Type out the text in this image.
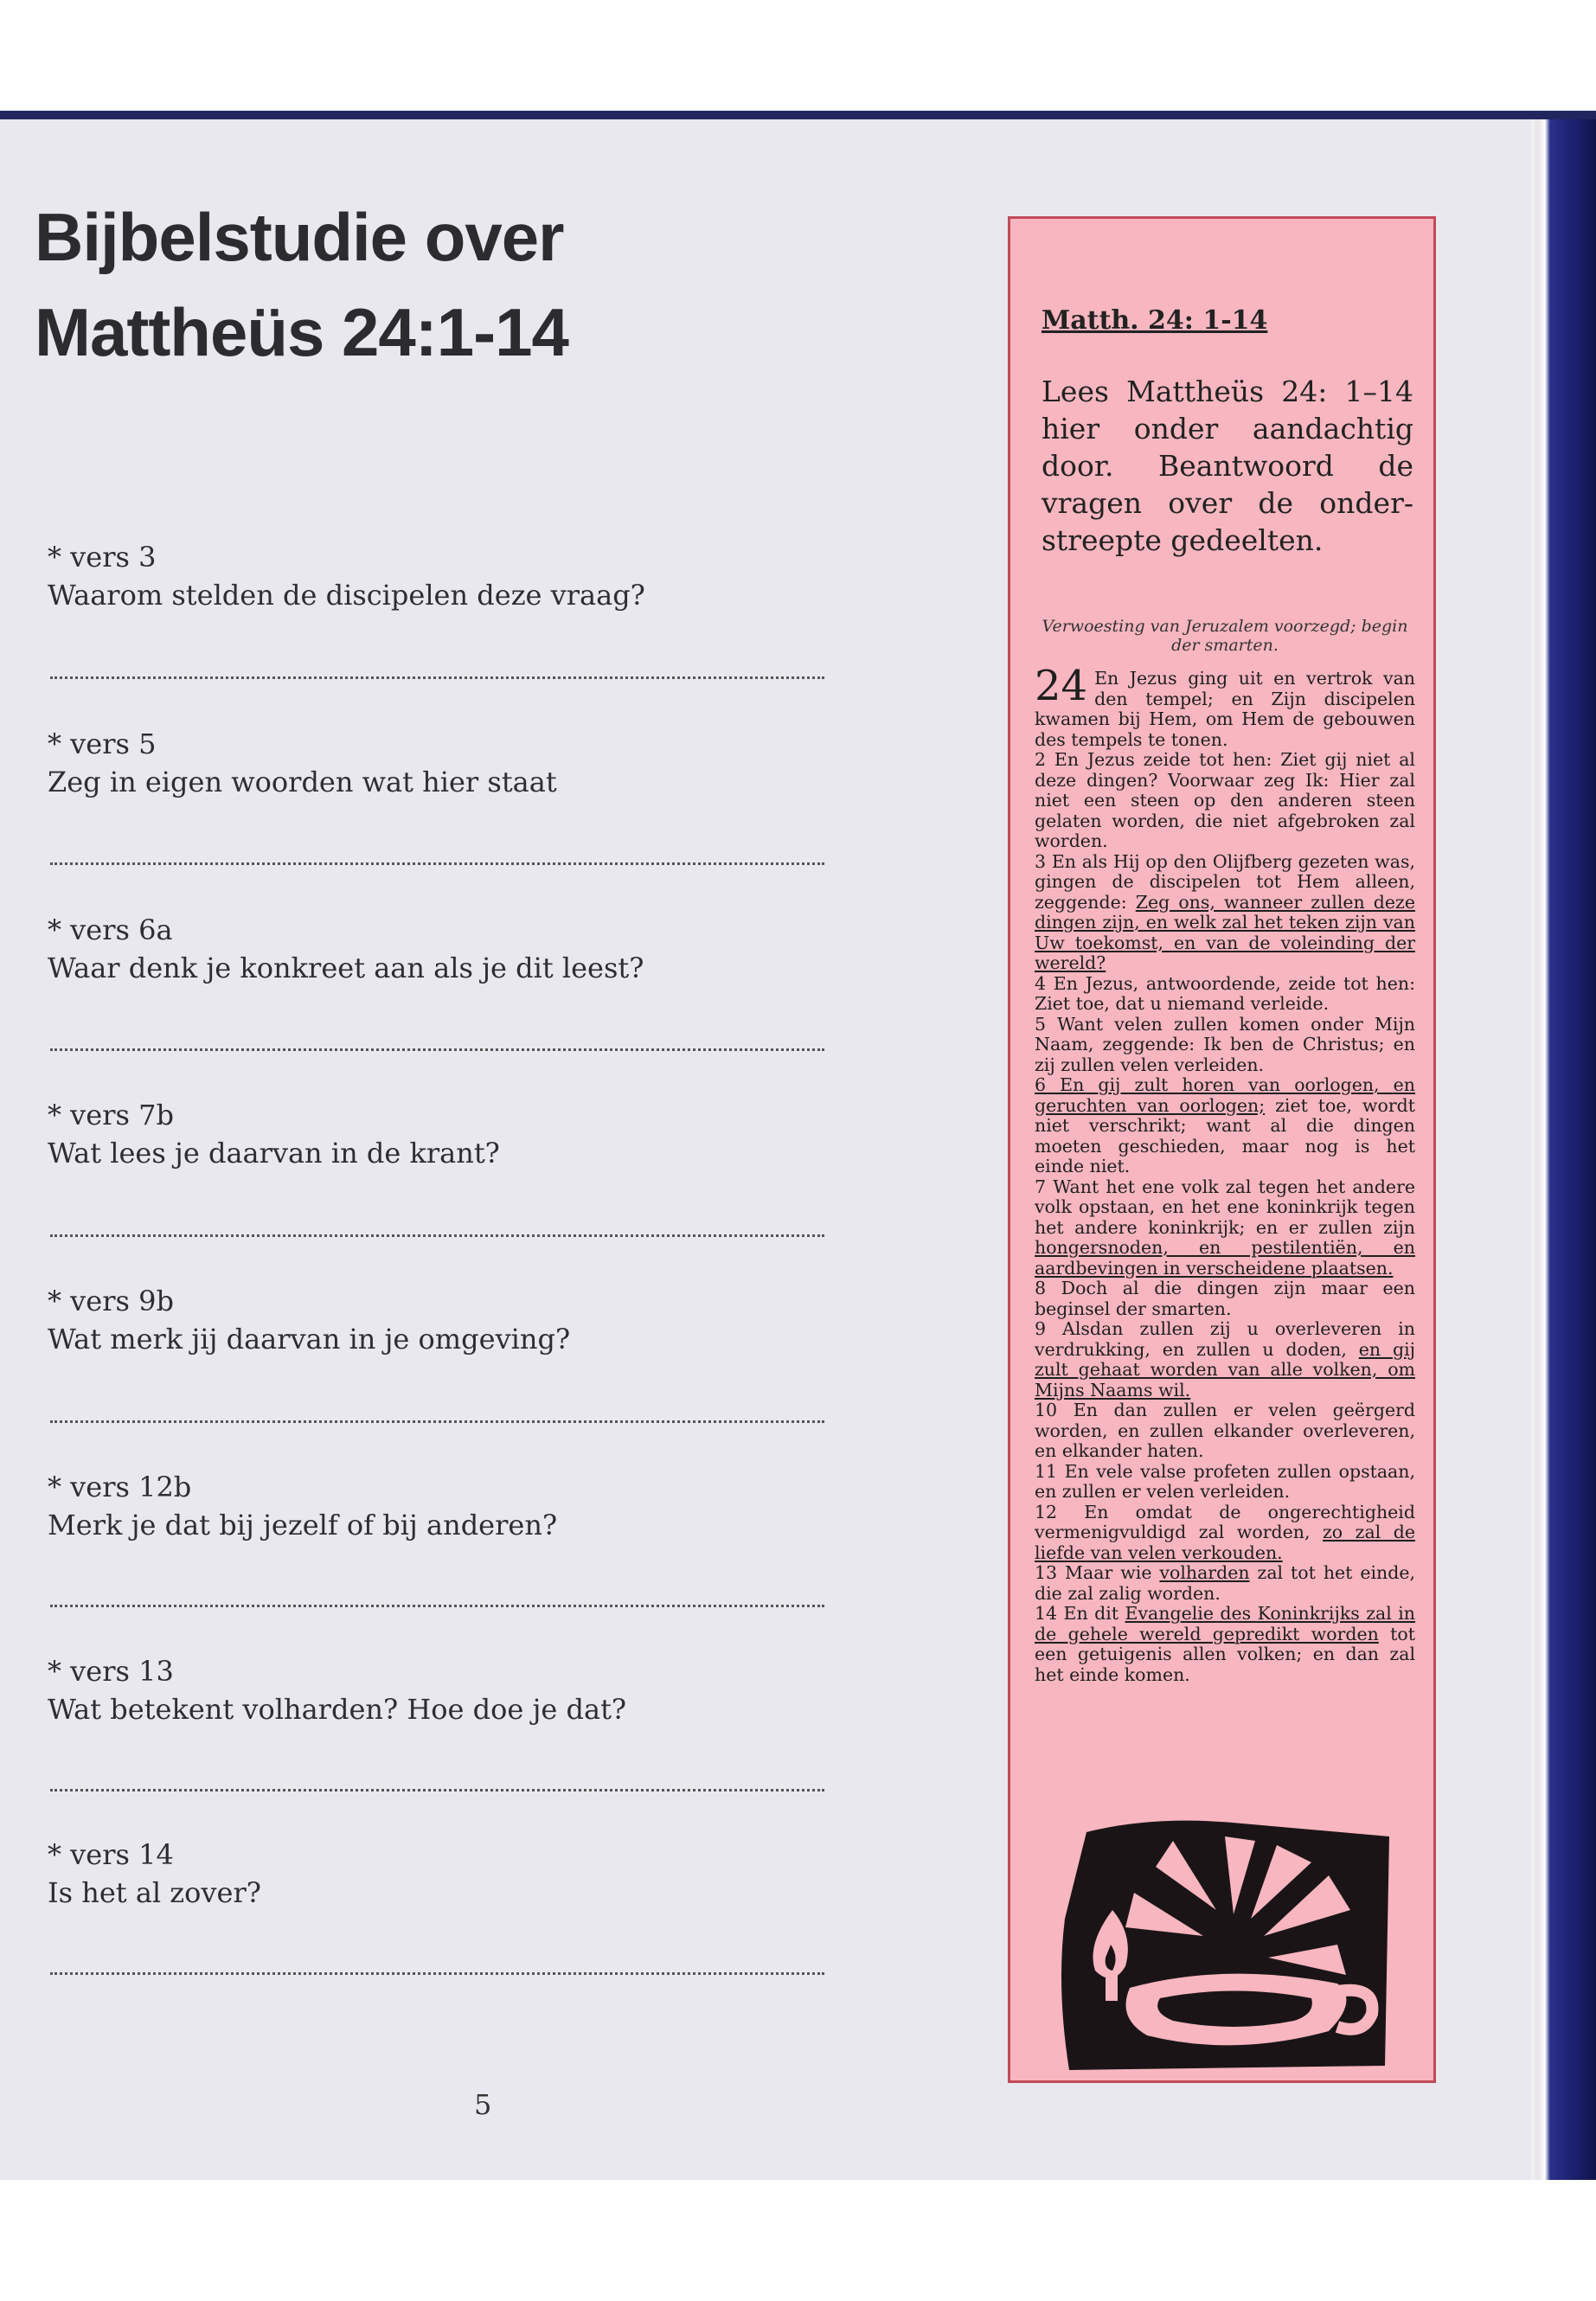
Bijbelstudie over
Mattheüs 24:1-14
* vers 3
Waarom stelden de discipelen deze vraag?
* vers 5
Zeg in eigen woorden wat hier staat
* vers 6a
Waar denk je konkreet aan als je dit leest?
* vers 7b
Wat lees je daarvan in de krant?
* vers 9b
Wat merk jij daarvan in je omgeving?
* vers 12b
Merk je dat bij jezelf of bij anderen?
* vers 13
Wat betekent volharden? Hoe doe je dat?
* vers 14
Is het al zover?
5
Matth. 24: 1-14

Lees Mattheüs 24: 1–14 hier onder aandachtig door. Beantwoord de vragen over de onder-streepte gedeelten.

Verwoesting van Jeruzalem voorzegd; begin der smarten.

24 En Jezus ging uit en vertrok van den tempel; en Zijn discipelen kwamen bij Hem, om Hem de gebouwen des tempels te tonen.

2 En Jezus zeide tot hen: Ziet gij niet al deze dingen? Voorwaar zeg Ik: Hier zal niet een steen op den anderen steen gelaten worden, die niet afgebroken zal worden.

3 En als Hij op den Olijfberg gezeten was, gingen de discipelen tot Hem alleen, zeggende: Zeg ons, wanneer zullen deze dingen zijn, en welk zal het teken zijn van Uw toekomst, en van de voleinding der wereld?

4 En Jezus, antwoordende, zeide tot hen: Ziet toe, dat u niemand verleide.

5 Want velen zullen komen onder Mijn Naam, zeggende: Ik ben de Christus; en zij zullen velen verleiden.

6 En gij zult horen van oorlogen, en geruchten van oorlogen; ziet toe, wordt niet verschrikt; want al die dingen moeten geschieden, maar nog is het einde niet.

7 Want het ene volk zal tegen het andere volk opstaan, en het ene koninkrijk tegen het andere koninkrijk; en er zullen zijn hongersnoden, en pestilentiën, en aardbevingen in verscheidene plaatsen.

8 Doch al die dingen zijn maar een beginsel der smarten.

9 Alsdan zullen zij u overleveren in verdrukking, en zullen u doden, en gij zult gehaat worden van alle volken, om Mijns Naams wil.

10 En dan zullen er velen geërgerd worden, en zullen elkander overleveren, en elkander haten.

11 En vele valse profeten zullen opstaan, en zullen er velen verleiden.

12 En omdat de ongerechtigheid vermenigvuldigd zal worden, zo zal de liefde van velen verkouden.

13 Maar wie volharden zal tot het einde, die zal zalig worden.

14 En dit Evangelie des Koninkrijks zal in de gehele wereld gepredikt worden tot een getuigenis allen volken; en dan zal het einde komen.
